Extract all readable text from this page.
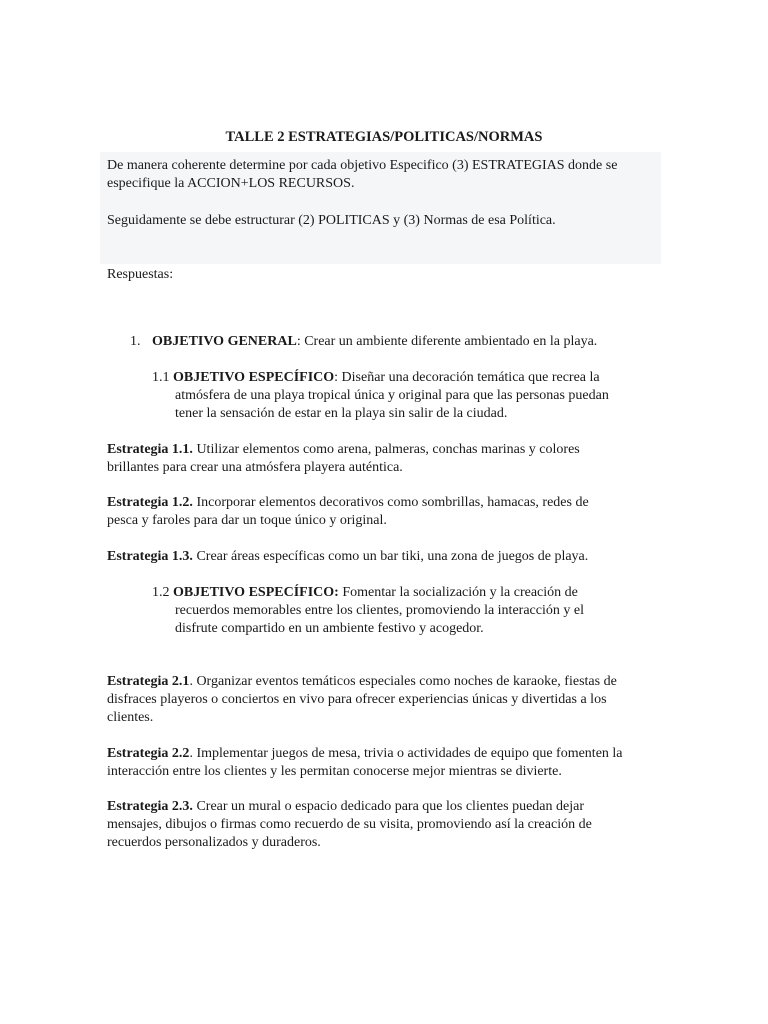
TALLE 2 ESTRATEGIAS/POLITICAS/NORMAS

De manera coherente determine por cada objetivo Especifico (3) ESTRATEGIAS donde se

especifique la ACCION+LOS RECURSOS.

Seguidamente se debe estructurar (2) POLITICAS y (3) Normas de esa Política.

Respuestas:
1. OBJETIVO GENERAL: Crear un ambiente diferente ambientado en la playa.
1.1 OBJETIVO ESPECÍFICO: Diseñar una decoración temática que recrea la
atmósfera de una playa tropical única y original para que las personas puedan
tener la sensación de estar en la playa sin salir de la ciudad.

Estrategia 1.1. Utilizar elementos como arena, palmeras, conchas marinas y colores

brillantes para crear una atmósfera playera auténtica.

Estrategia 1.2. Incorporar elementos decorativos como sombrillas, hamacas, redes de

pesca y faroles para dar un toque único y original.

Estrategia 1.3. Crear áreas específicas como un bar tiki, una zona de juegos de playa.

1.2 OBJETIVO ESPECÍFICO: Fomentar la socialización y la creación de
recuerdos memorables entre los clientes, promoviendo la interacción y el
disfrute compartido en un ambiente festivo y acogedor.

Estrategia 2.1. Organizar eventos temáticos especiales como noches de karaoke, fiestas de

disfraces playeros o conciertos en vivo para ofrecer experiencias únicas y divertidas a los

clientes.

Estrategia 2.2. Implementar juegos de mesa, trivia o actividades de equipo que fomenten la

interacción entre los clientes y les permitan conocerse mejor mientras se divierte.

Estrategia 2.3. Crear un mural o espacio dedicado para que los clientes puedan dejar

mensajes, dibujos o firmas como recuerdo de su visita, promoviendo así la creación de

recuerdos personalizados y duraderos.
